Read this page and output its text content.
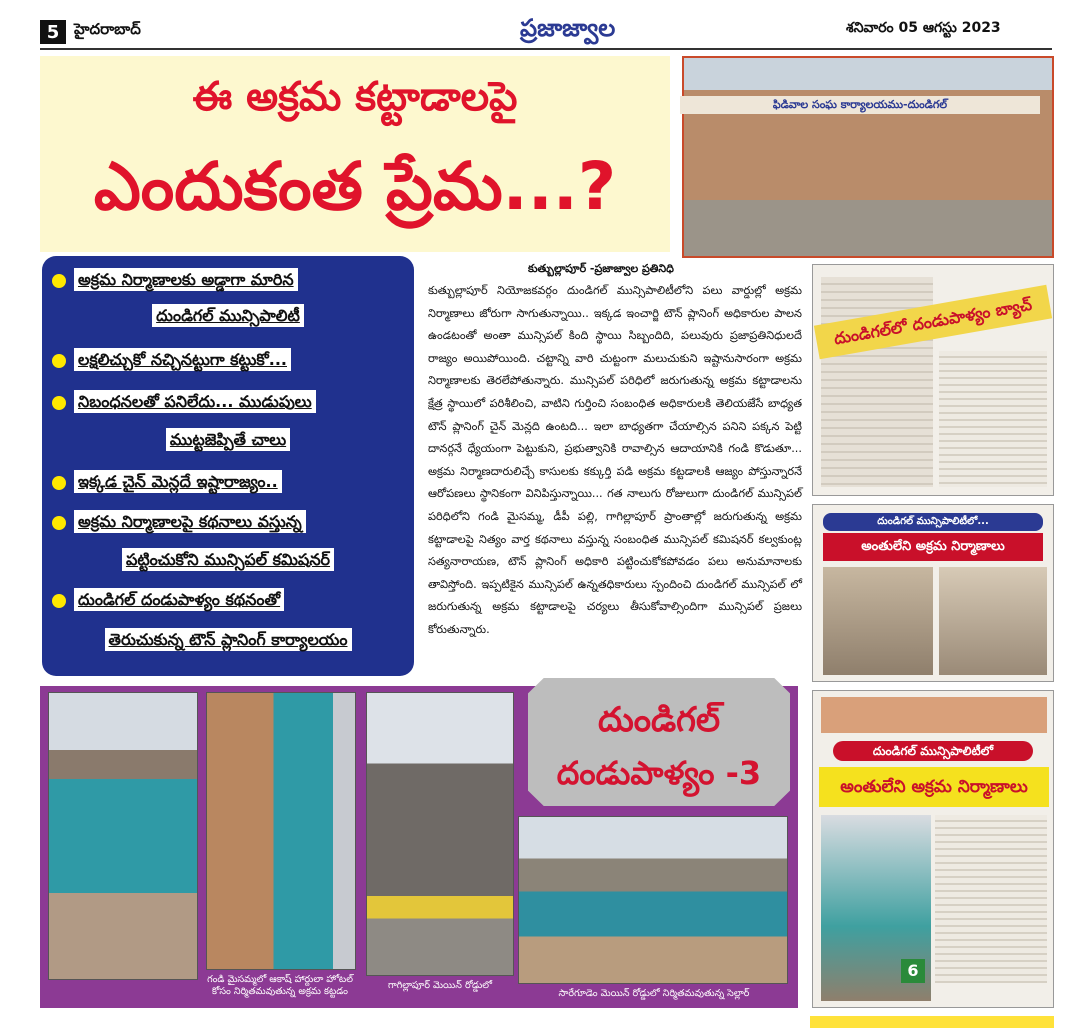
5 హైదరాబాద్	ప్రజాజ్వాల	శనివారం 05 ఆగస్టు 2023
ఈ అక్రమ కట్టాడాలపై
ఎందుకంత ప్రేమ...?
ఫిడివాల సంఘ కార్యాలయము-దుండిగల్
అక్రమ నిర్మాణాలకు అడ్డాగా మారిన
దుండిగల్ మున్సిపాలిటీ
లక్షలిచ్చుకో నచ్చినట్టుగా కట్టుకో...
నిబంధనలతో పనిలేదు... ముడుపులు
ముట్టజెప్పితే చాలు
ఇక్కడ చైన్ మెన్లదే ఇష్టారాజ్యం..
అక్రమ నిర్మాణాలపై కథనాలు వస్తున్న
పట్టించుకోని మున్సిపల్ కమిషనర్
దుండిగల్ దండుపాళ్యం కథనంతో
తెరుచుకున్న టౌన్ ప్లానింగ్ కార్యాలయం
కుత్బుల్లాపూర్ -ప్రజాజ్వాల ప్రతినిధి
కుత్బుల్లాపూర్ నియోజకవర్గం దుండిగల్ మున్సిపాలిటీలోని పలు వార్డుల్లో అక్రమ నిర్మాణాలు జోరుగా సాగుతున్నాయి.. ఇక్కడ ఇంచార్జి టౌన్ ప్లానింగ్ అధికారుల పాలన ఉండటంతో అంతా మున్సిపల్ కింది స్థాయి సిబ్బందిది, పలువురు ప్రజాప్రతినిధులదే రాజ్యం అయిపోయింది. చట్టాన్ని వారి చుట్టంగా మలుచుకుని ఇష్టానుసారంగా అక్రమ నిర్మాణాలకు తెరలేపోతున్నారు. మున్సిపల్ పరిధిలో జరుగుతున్న అక్రమ కట్టాడాలను క్షేత్ర స్థాయిలో పరిశీలించి, వాటిని గుర్తించి సంబంధిత అధికారులకి తెలియజేసే బాధ్యత టౌన్ ప్లానింగ్ చైన్ మెన్లది ఉంటది... ఇలా బాధ్యతగా చేయాల్సిన పనిని పక్కన పెట్టి దానర్గనే ధ్యేయంగా పెట్టుకుని, ప్రభుత్వానికి రావాల్సిన ఆదాయానికి గండి కొడుతూ... అక్రమ నిర్మాణదారులిచ్చే కాసులకు కక్కుర్తి పడి అక్రమ కట్టడాలకి ఆజ్యం పోస్తున్నారనే ఆరోపణలు స్థానికంగా వినిపిస్తున్నాయి... గత నాలుగు రోజులుగా దుండిగల్ మున్సిపల్ పరిధిలోని గండి మైసమ్మ, డీపీ పల్లి, గాగిల్లాపూర్ ప్రాంతాల్లో జరుగుతున్న అక్రమ కట్టాడాలపై నిత్యం వార్త కథనాలు వస్తున్న సంబంధిత మున్సిపల్ కమిషనర్ కల్వకుంట్ల సత్యనారాయణ, టౌన్ ప్లానింగ్ అధికారి పట్టించుకోకపోవడం పలు అనుమానాలకు తావిస్తోంది. ఇప్పటికైన మున్సిపల్ ఉన్నతధికారులు స్పందించి దుండిగల్ మున్సిపల్ లో జరుగుతున్న అక్రమ కట్టాడాలపై చర్యలు తీసుకోవాల్సిందిగా మున్సిపల్ ప్రజలు కోరుతున్నారు.
దుండిగల్‌లో దండుపాళ్యం బ్యాచ్
దుండిగల్ మున్సిపాలిటీలో...
అంతులేని అక్రమ నిర్మాణాలు
దుండిగల్ మున్సిపాలిటీలో
అంతులేని అక్రమ నిర్మాణాలు
6
గండి మైసమ్మలో ఆకాష్ హార్దులా హోటల్ కోసం నిర్మితమవుతున్న అక్రమ కట్టడం
గాగిల్లాపూర్ మెయిన్ రోడ్డులో
సారేగూడెం మెయిన్ రోడ్డులో నిర్మితమవుతున్న సెల్లార్
దుండిగల్
దండుపాళ్యం -3
